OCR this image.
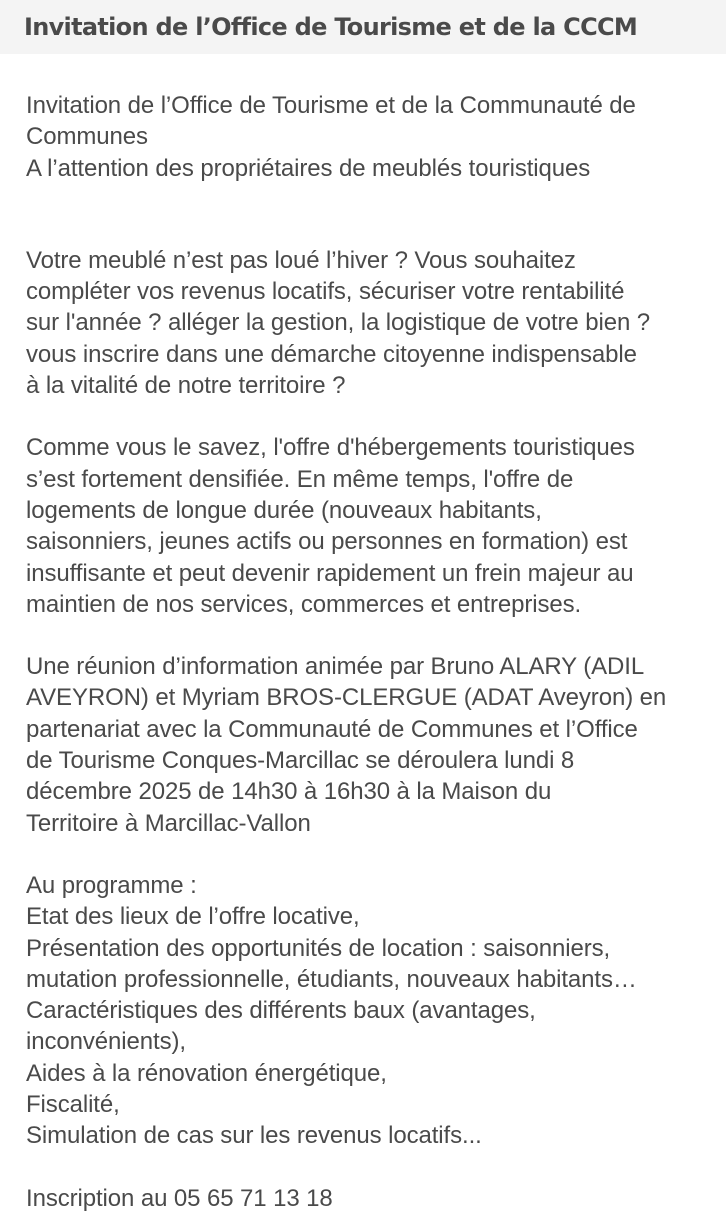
Invitation de l’Office de Tourisme et de la CCCM
Invitation de l’Office de Tourisme et de la Communauté de
Communes
A l’attention des propriétaires de meublés touristiques
Votre meublé n’est pas loué l’hiver ? Vous souhaitez
compléter vos revenus locatifs, sécuriser votre rentabilité
sur l'année ? alléger la gestion, la logistique de votre bien ?
vous inscrire dans une démarche citoyenne indispensable
à la vitalité de notre territoire ?
Comme vous le savez, l'offre d'hébergements touristiques
s’est fortement densifiée. En même temps, l'offre de
logements de longue durée (nouveaux habitants,
saisonniers, jeunes actifs ou personnes en formation) est
insuffisante et peut devenir rapidement un frein majeur au
maintien de nos services, commerces et entreprises.
Une réunion d’information animée par Bruno ALARY (ADIL
AVEYRON) et Myriam BROS-CLERGUE (ADAT Aveyron) en
partenariat avec la Communauté de Communes et l’Office
de Tourisme Conques-Marcillac se déroulera lundi 8
décembre 2025 de 14h30 à 16h30 à la Maison du
Territoire à Marcillac-Vallon
Au programme :
Etat des lieux de l’offre locative,
Présentation des opportunités de location : saisonniers,
mutation professionnelle, étudiants, nouveaux habitants…
Caractéristiques des différents baux (avantages,
inconvénients),
Aides à la rénovation énergétique,
Fiscalité,
Simulation de cas sur les revenus locatifs...
Inscription au 05 65 71 13 18
